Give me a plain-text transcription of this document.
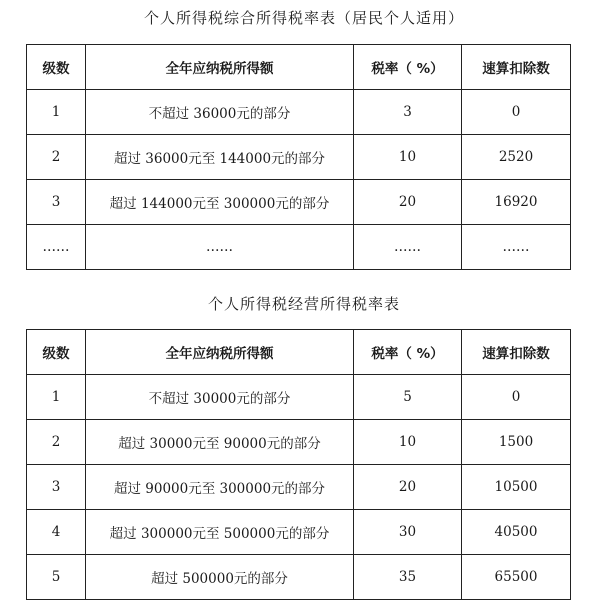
个人所得税综合所得税率表（居民个人适用）
级数	全年应纳税所得额	税率（ %）	速算扣除数
1	不超过 36000元的部分	3	0
2	超过 36000元至 144000元的部分	10	2520
3	超过 144000元至 300000元的部分	20	16920
……	……	……	……
个人所得税经营所得税率表
级数	全年应纳税所得额	税率（ %）	速算扣除数
1	不超过 30000元的部分	5	0
2	超过 30000元至 90000元的部分	10	1500
3	超过 90000元至 300000元的部分	20	10500
4	超过 300000元至 500000元的部分	30	40500
5	超过 500000元的部分	35	65500
